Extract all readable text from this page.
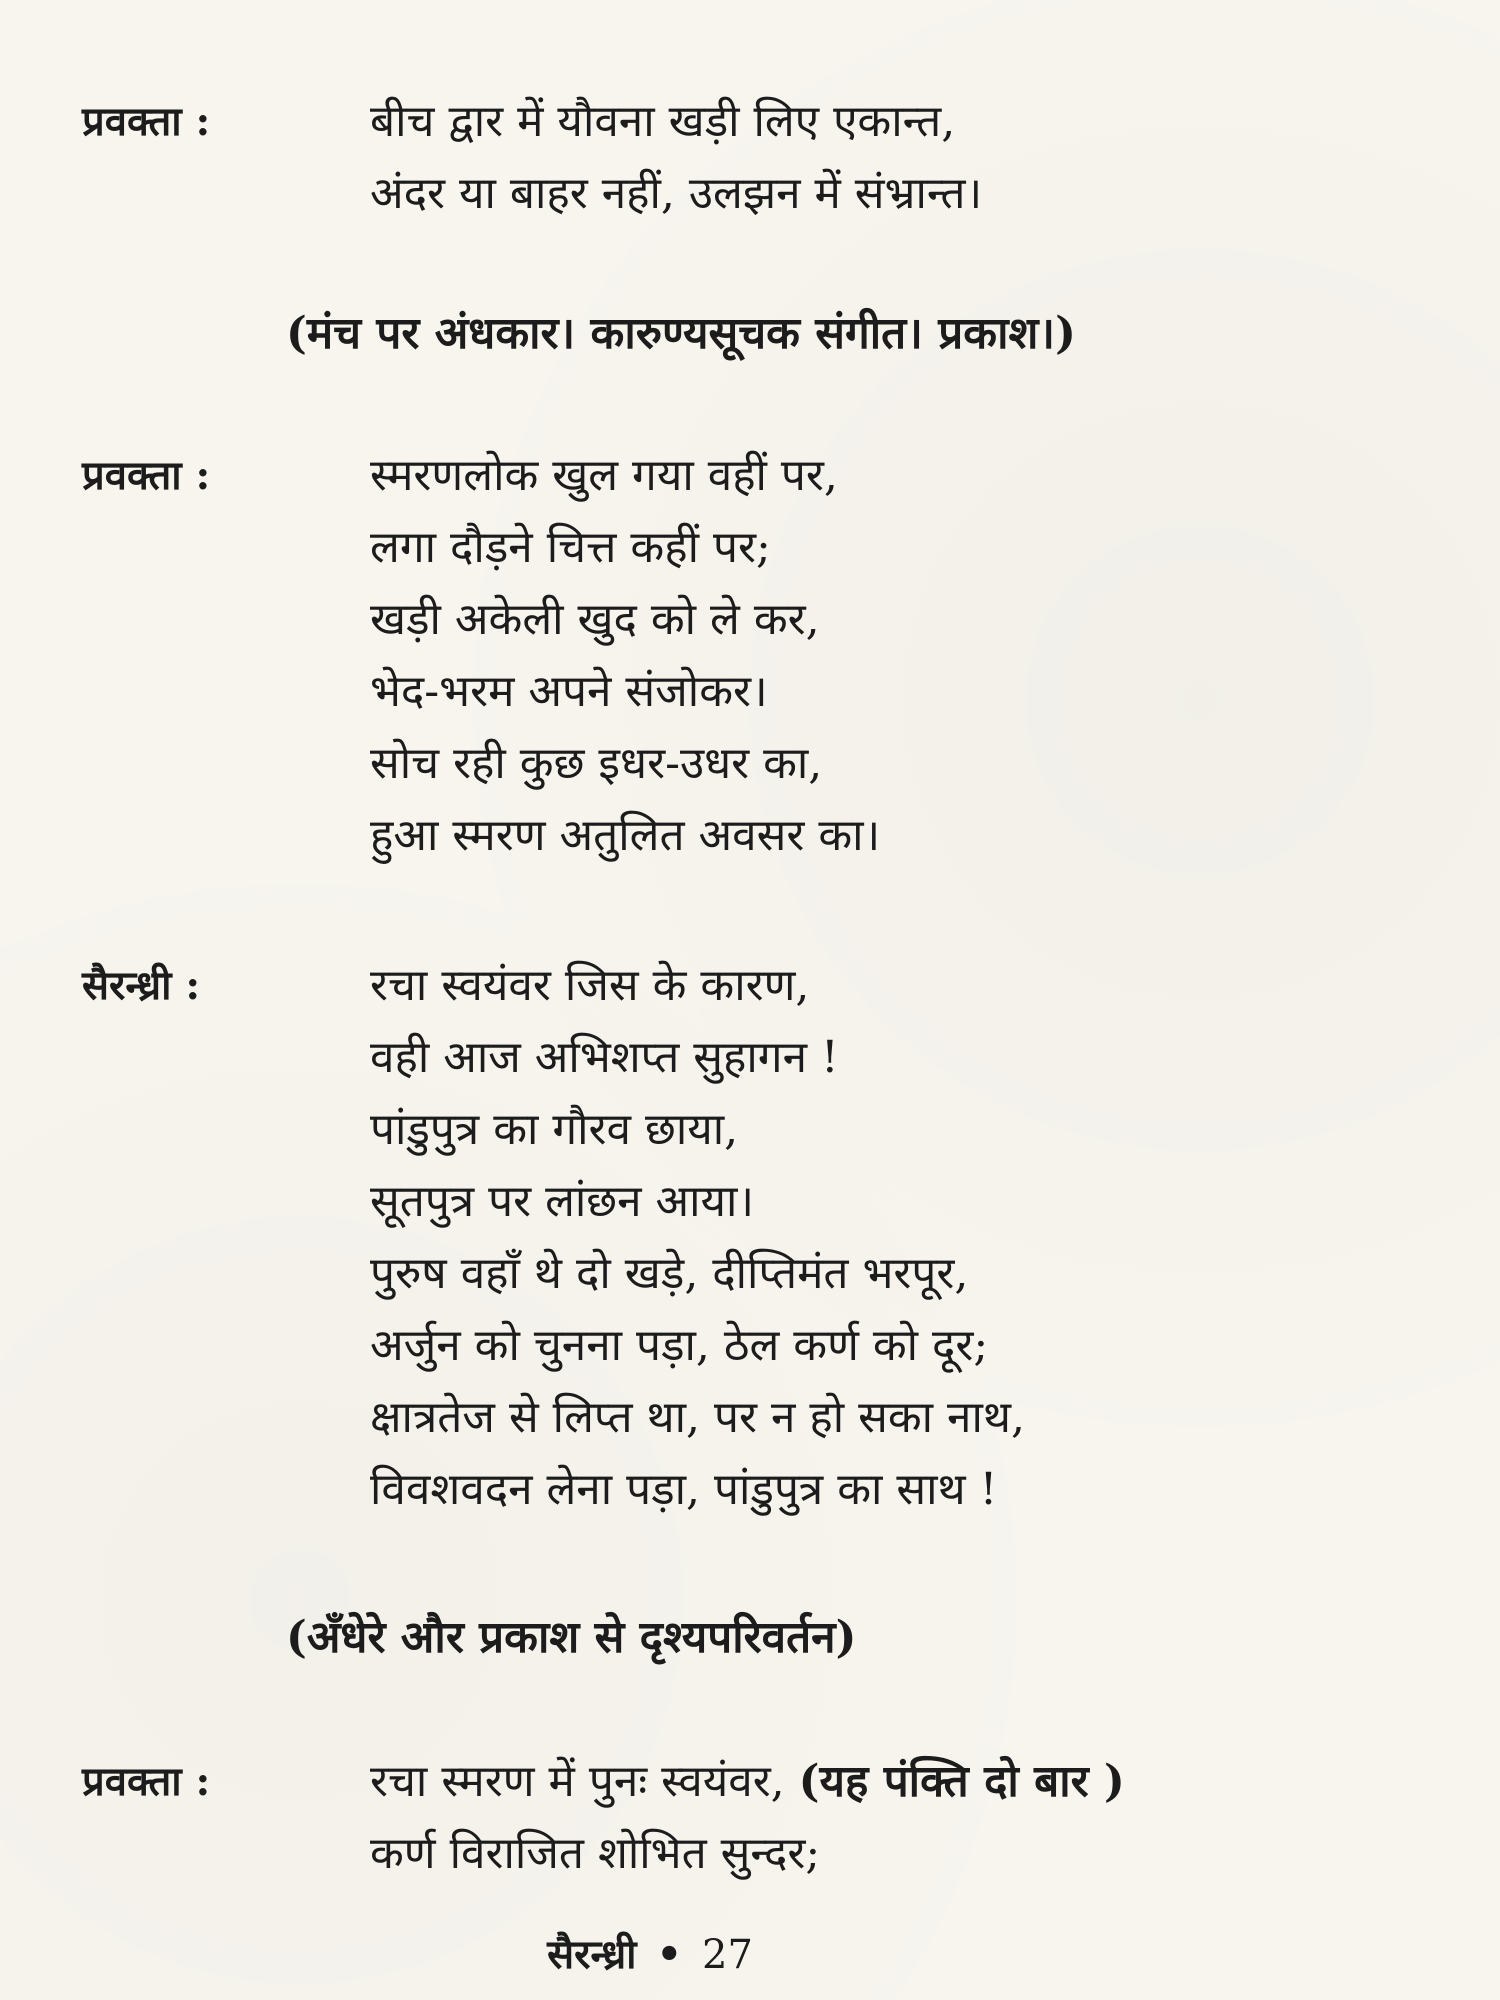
प्रवक्ता :	बीच द्वार में यौवना खड़ी लिए एकान्त,
अंदर या बाहर नहीं, उलझन में संभ्रान्त।
(मंच पर अंधकार। कारुण्यसूचक संगीत। प्रकाश।)
प्रवक्ता :	स्मरणलोक खुल गया वहीं पर,
लगा दौड़ने चित्त कहीं पर;
खड़ी अकेली खुद को ले कर,
भेद-भरम अपने संजोकर।
सोच रही कुछ इधर-उधर का,
हुआ स्मरण अतुलित अवसर का।
सैरन्ध्री :	रचा स्वयंवर जिस के कारण,
वही आज अभिशप्त सुहागन !
पांडुपुत्र का गौरव छाया,
सूतपुत्र पर लांछन आया।
पुरुष वहाँ थे दो खड़े, दीप्तिमंत भरपूर,
अर्जुन को चुनना पड़ा, ठेल कर्ण को दूर;
क्षात्रतेज से लिप्त था, पर न हो सका नाथ,
विवशवदन लेना पड़ा, पांडुपुत्र का साथ !
(अँधेरे और प्रकाश से दृश्यपरिवर्तन)
प्रवक्ता :	रचा स्मरण में पुनः स्वयंवर, (यह पंक्ति दो बार )
कर्ण विराजित शोभित सुन्दर;
सैरन्ध्री • 27
